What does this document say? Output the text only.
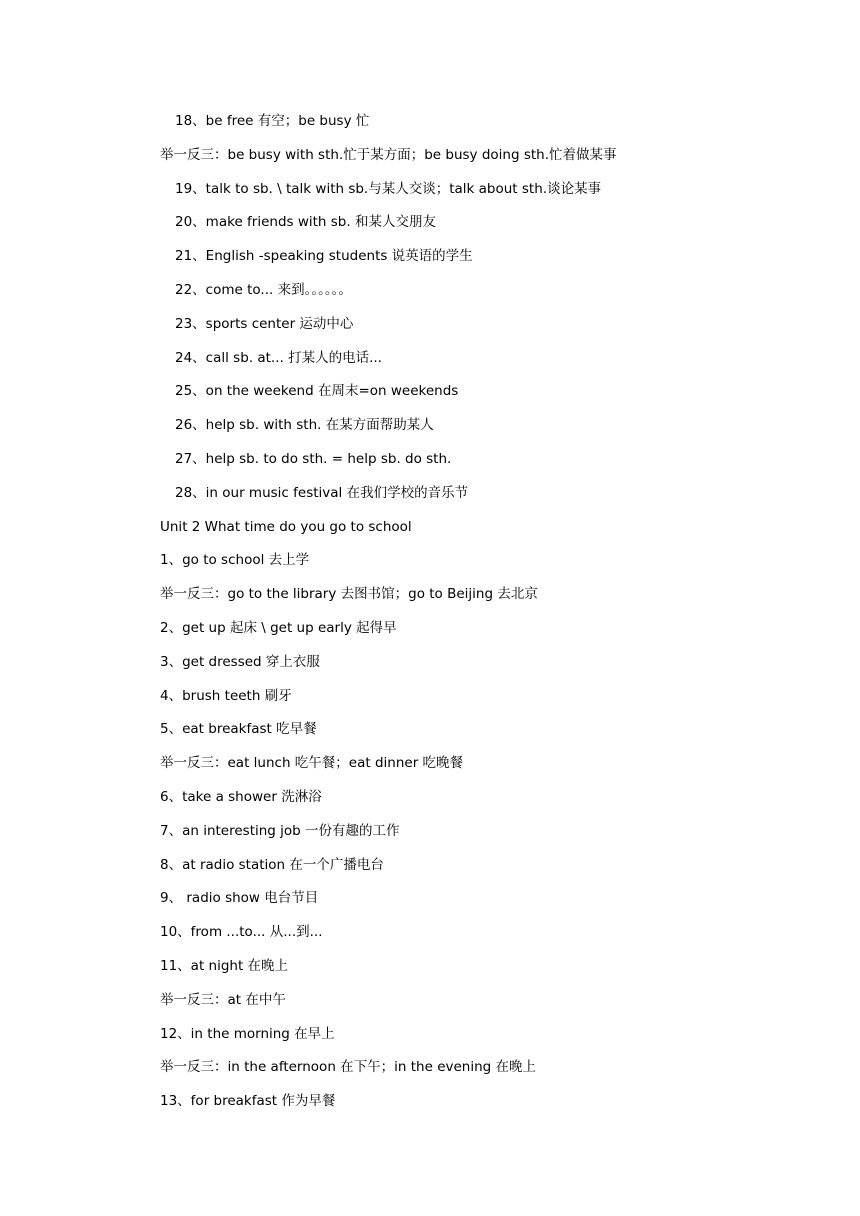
18、be free 有空；be busy 忙
举一反三：be busy with sth.忙于某方面；be busy doing sth.忙着做某事
19、talk to sb. \ talk with sb.与某人交谈；talk about sth.谈论某事
20、make friends with sb. 和某人交朋友
21、English -speaking students 说英语的学生
22、come to... 来到。。。。。。
23、sports center 运动中心
24、call sb. at... 打某人的电话...
25、on the weekend 在周末=on weekends
26、help sb. with sth. 在某方面帮助某人
27、help sb. to do sth. = help sb. do sth.
28、in our music festival 在我们学校的音乐节
Unit 2 What time do you go to school
1、go to school 去上学
举一反三：go to the library 去图书馆；go to Beijing 去北京
2、get up 起床 \ get up early 起得早
3、get dressed 穿上衣服
4、brush teeth 刷牙
5、eat breakfast 吃早餐
举一反三：eat lunch 吃午餐；eat dinner 吃晚餐
6、take a shower 洗淋浴
7、an interesting job 一份有趣的工作
8、at radio station 在一个广播电台
9、 radio show 电台节目
10、from ...to... 从...到...
11、at night 在晚上
举一反三：at 在中午
12、in the morning 在早上
举一反三：in the afternoon 在下午；in the evening 在晚上
13、for breakfast 作为早餐
